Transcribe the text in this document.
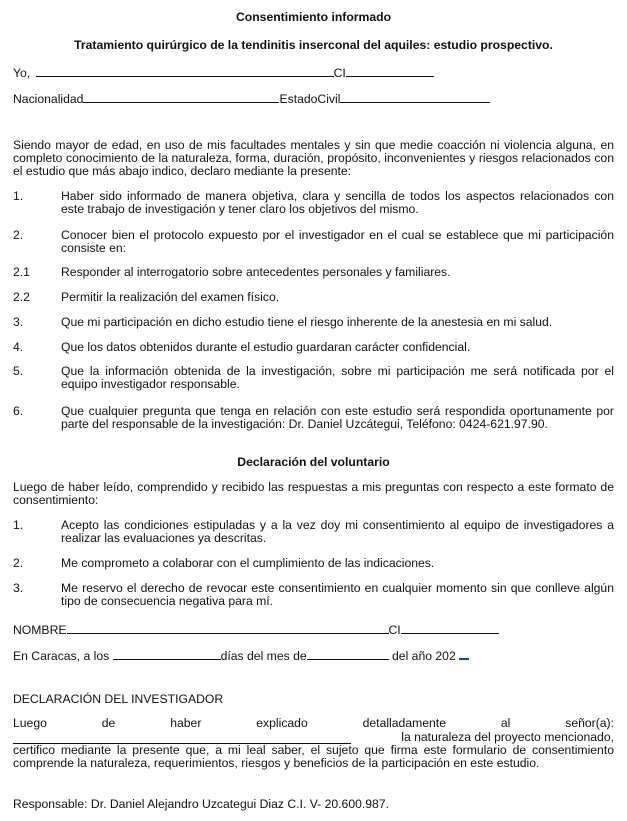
Consentimiento informado
Tratamiento quirúrgico de la tendinitis inserconal del aquiles: estudio prospectivo.
Yo,	CI
Nacionalidad	EstadoCivil
Siendo mayor de edad, en uso de mis facultades mentales y sin que medie coacción ni violencia alguna, en completo conocimiento de la naturaleza, forma, duración, propósito, inconvenientes y riesgos relacionados con el estudio que más abajo indico, declaro mediante la presente:
1.	Haber sido informado de manera objetiva, clara y sencilla de todos los aspectos relacionados con este trabajo de investigación y tener claro los objetivos del mismo.
2.	Conocer bien el protocolo expuesto por el investigador en el cual se establece que mi participación consiste en:
2.1	Responder al interrogatorio sobre antecedentes personales y familiares.
2.2	Permitir la realización del examen físico.
3.	Que mi participación en dicho estudio tiene el riesgo inherente de la anestesia en mi salud.
4.	Que los datos obtenidos durante el estudio guardaran carácter confidencial.
5.	Que la información obtenida de la investigación, sobre mi participación me será notificada por el equipo investigador responsable.
6.	Que cualquier pregunta que tenga en relación con este estudio será respondida oportunamente por parte del responsable de la investigación: Dr. Daniel Uzcátegui, Teléfono: 0424-621.97.90.
Declaración del voluntario
Luego de haber leído, comprendido y recibido las respuestas a mis preguntas con respecto a este formato de consentimiento:
1.	Acepto las condiciones estipuladas y a la vez doy mi consentimiento al equipo de investigadores a realizar las evaluaciones ya descritas.
2.	Me comprometo a colaborar con el cumplimiento de las indicaciones.
3.	Me reservo el derecho de revocar este consentimiento en cualquier momento sin que conlleve algún tipo de consecuencia negativa para mí.
NOMBRE	CI
En Caracas, a los	días del mes de	del año 202
DECLARACIÓN DEL INVESTIGADOR
Luego	de	haber	explicado	detalladamente	al	señor(a):
la naturaleza del proyecto mencionado,
certifico mediante la presente que, a mi leal saber, el sujeto que firma este formulario de consentimiento comprende la naturaleza, requerimientos, riesgos y beneficios de la participación en este estudio.
Responsable: Dr. Daniel Alejandro Uzcategui Diaz C.I. V- 20.600.987.
